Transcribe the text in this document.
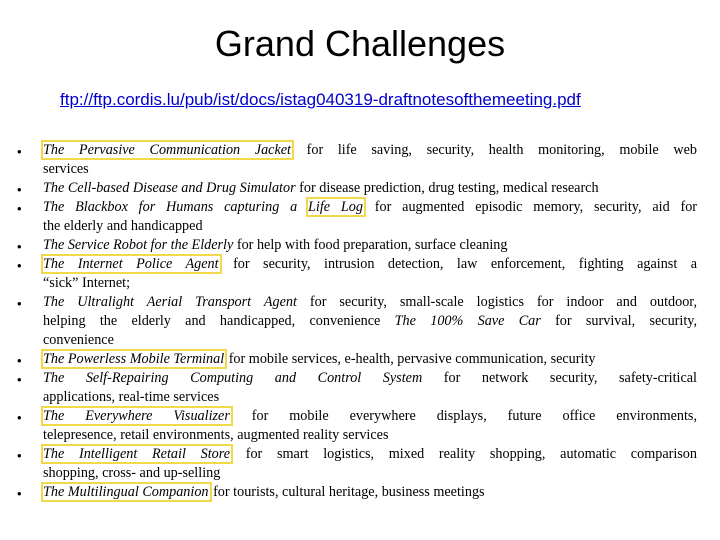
Grand Challenges
ftp://ftp.cordis.lu/pub/ist/docs/istag040319-draftnotesofthemeeting.pdf
• The Pervasive Communication Jacket for life saving, security, health monitoring, mobile web
services
• The Cell-based Disease and Drug Simulator for disease prediction, drug testing, medical research
• The Blackbox for Humans capturing a Life Log for augmented episodic memory, security, aid for
the elderly and handicapped
• The Service Robot for the Elderly for help with food preparation, surface cleaning
• The Internet Police Agent for security, intrusion detection, law enforcement, fighting against a
“sick” Internet;
• The Ultralight Aerial Transport Agent for security, small-scale logistics for indoor and outdoor,
helping the elderly and handicapped, convenience The 100% Save Car for survival, security,
convenience
• The Powerless Mobile Terminal for mobile services, e-health, pervasive communication, security
• The Self-Repairing Computing and Control System for network security, safety-critical
applications, real-time services
• The Everywhere Visualizer for mobile everywhere displays, future office environments,
telepresence, retail environments, augmented reality services
• The Intelligent Retail Store for smart logistics, mixed reality shopping, automatic comparison
shopping, cross- and up-selling
• The Multilingual Companion for tourists, cultural heritage, business meetings
